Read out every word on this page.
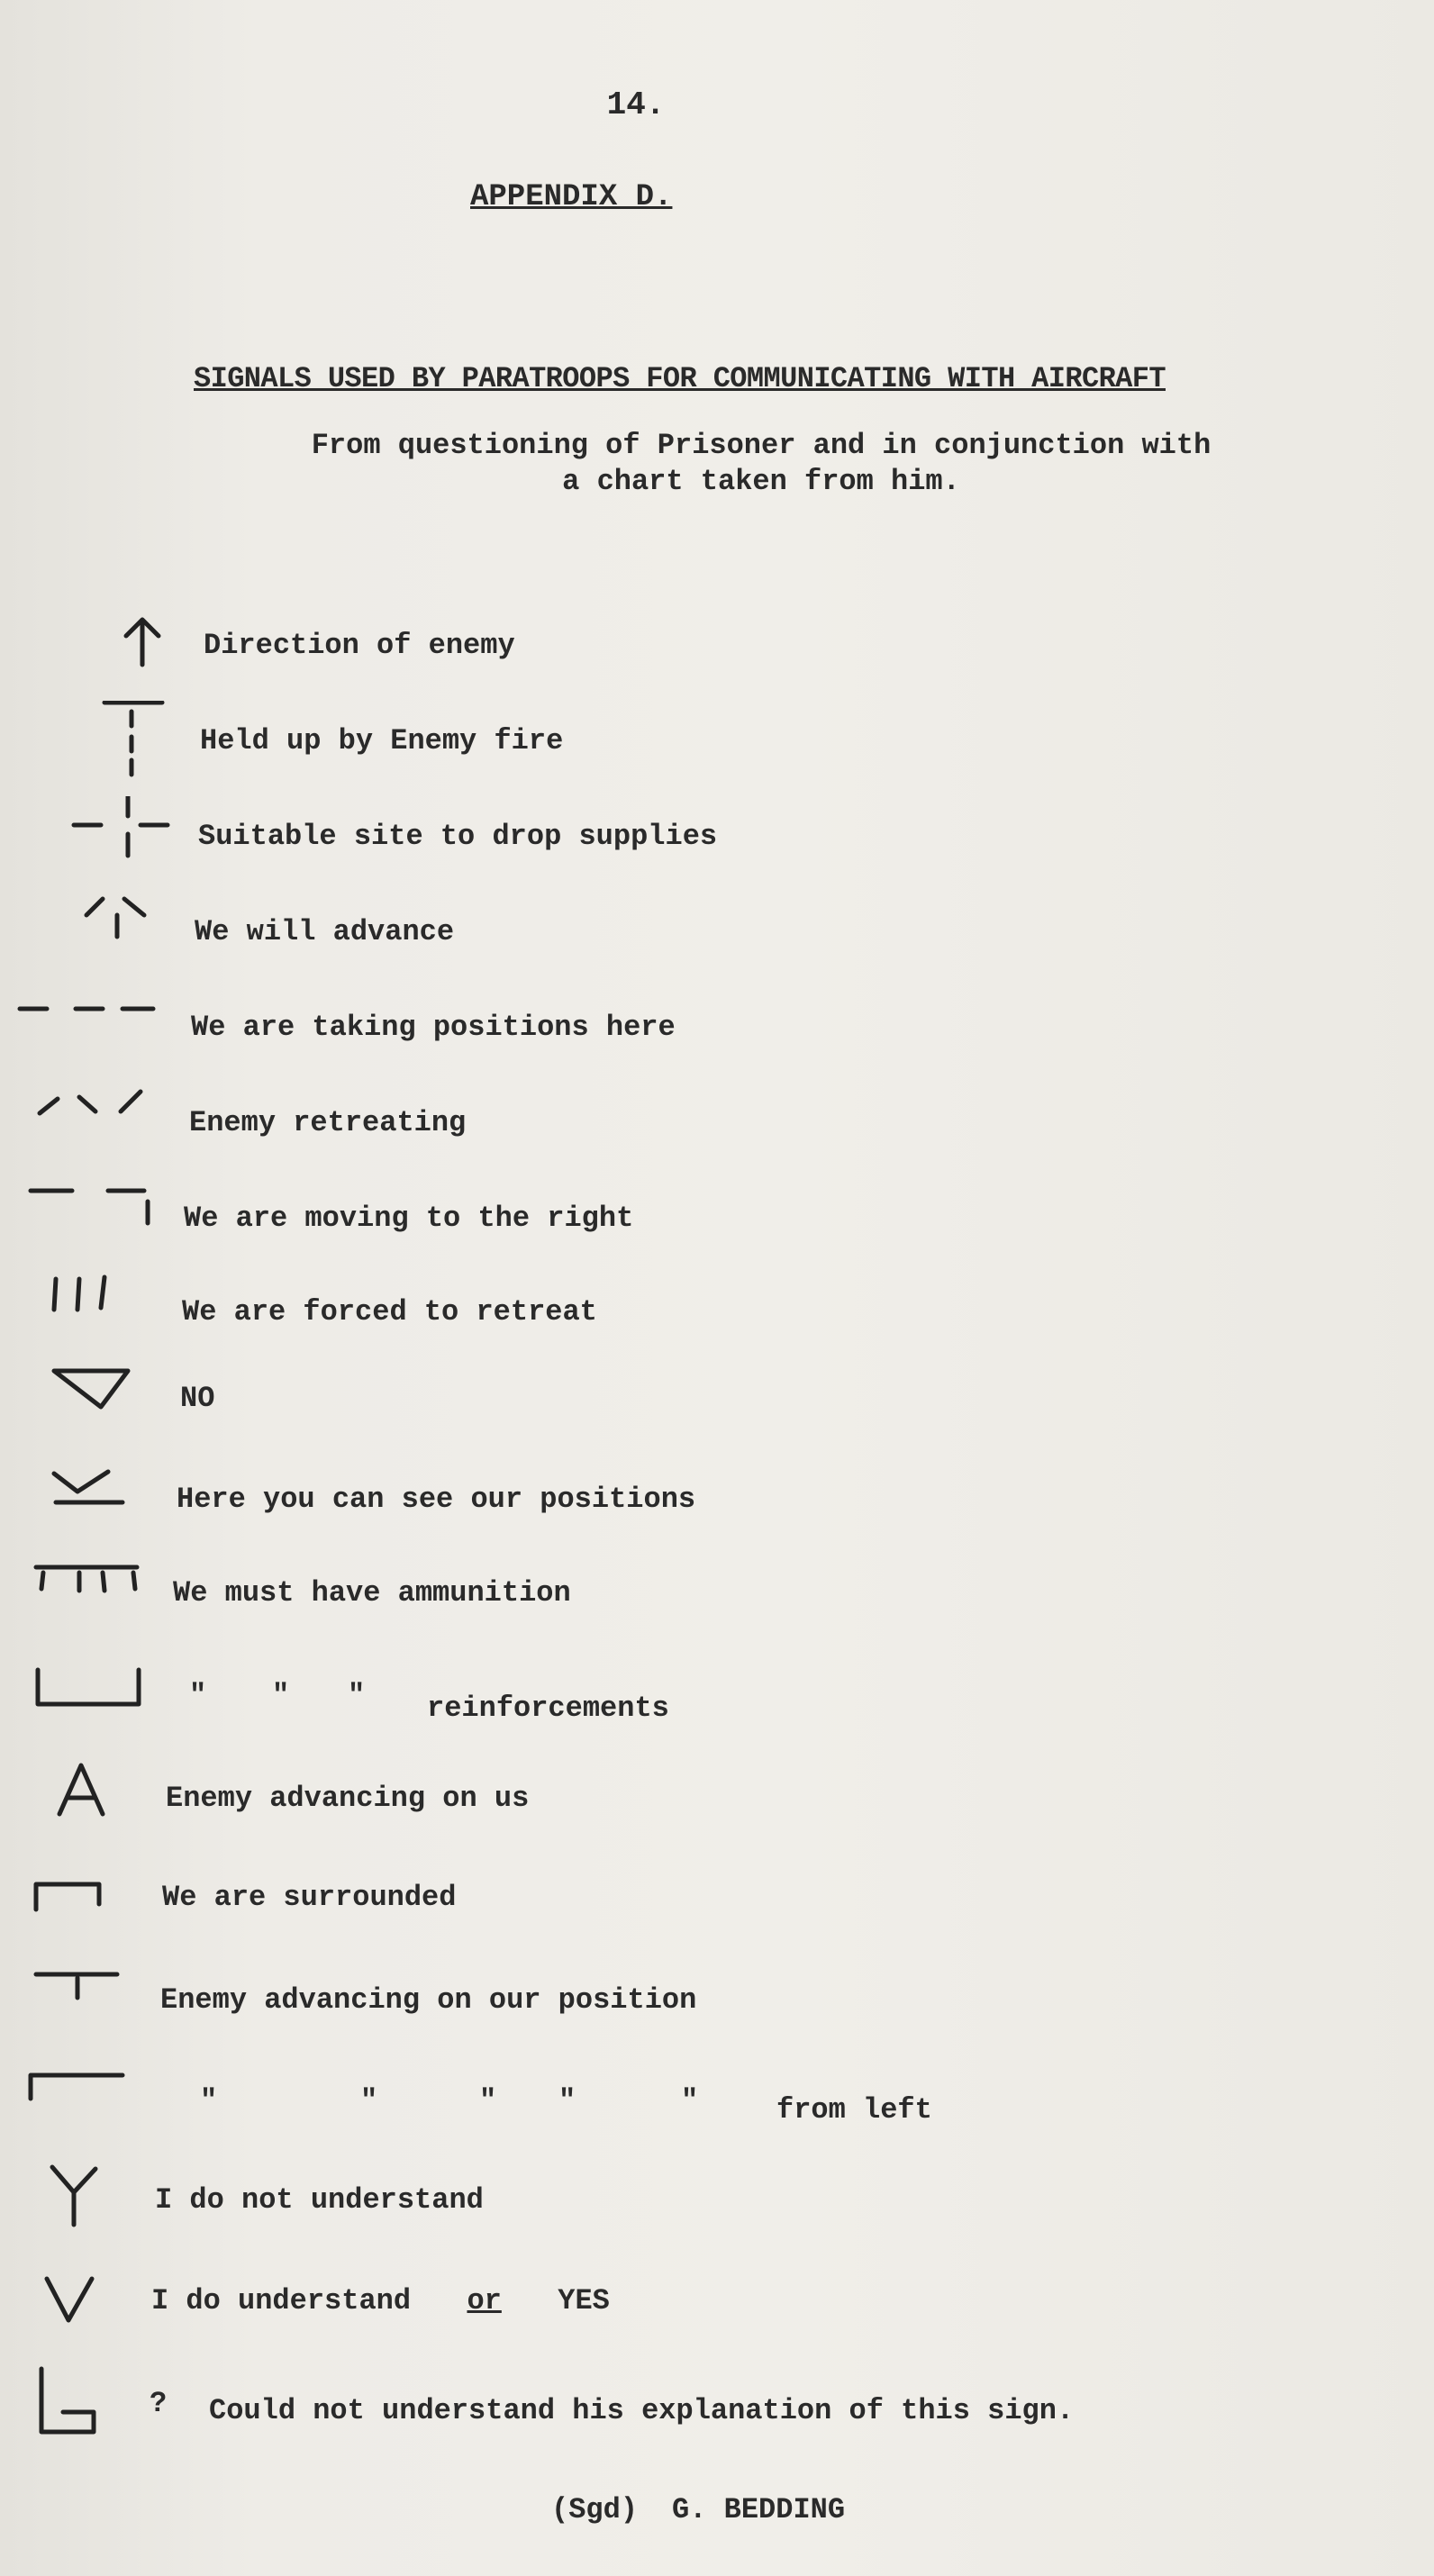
14.
APPENDIX D.
SIGNALS USED BY PARATROOPS FOR COMMUNICATING WITH AIRCRAFT
From questioning of Prisoner and in conjunction with
a chart taken from him.
Direction of enemy
Held up by Enemy fire
Suitable site to drop supplies
We will advance
We are taking positions here
Enemy retreating
We are moving to the right
We are forced to retreat
NO
Here you can see our positions
We must have ammunition
" " " reinforcements
Enemy advancing on us
We are surrounded
Enemy advancing on our position
"	"	" "	"	from left
I do not understand
I do understand or YES
? Could not understand his explanation of this sign.
(Sgd) G. BEDDING
